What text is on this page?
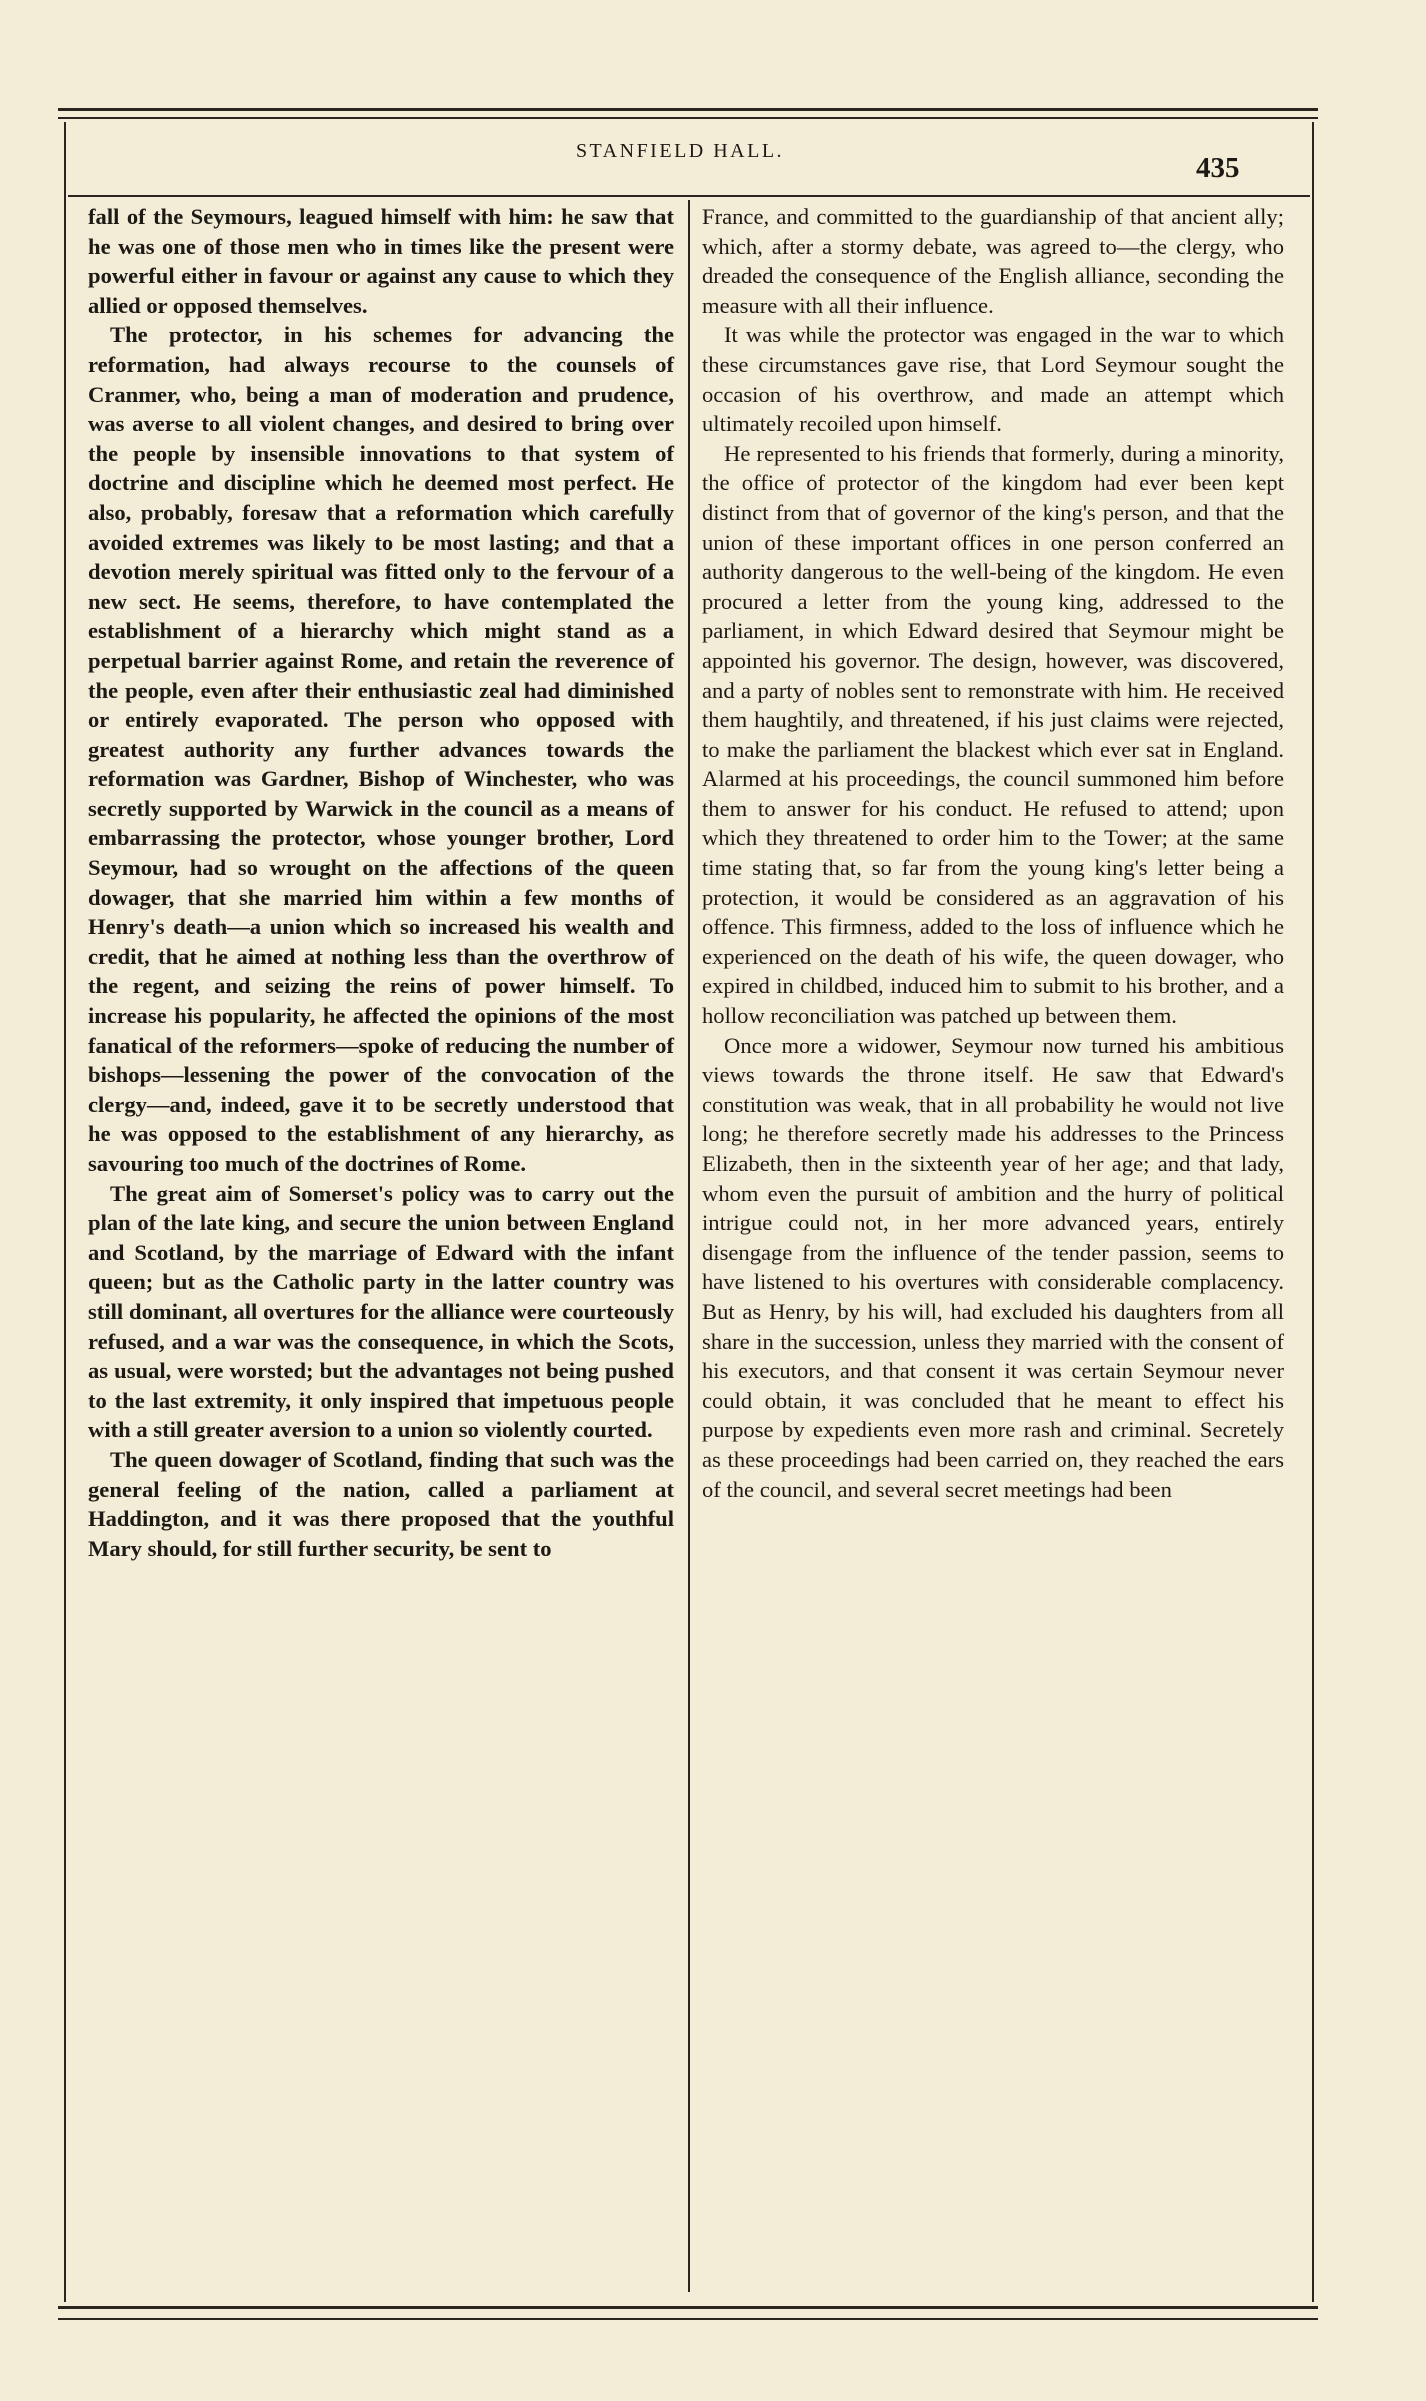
STANFIELD HALL.
435

fall of the Seymours, leagued himself with him: he saw that he was one of those men who in times like the present were powerful either in favour or against any cause to which they allied or opposed themselves.

The protector, in his schemes for advancing the reformation, had always recourse to the counsels of Cranmer, who, being a man of moderation and prudence, was averse to all violent changes, and desired to bring over the people by insensible innovations to that system of doctrine and discipline which he deemed most perfect. He also, probably, foresaw that a reformation which carefully avoided extremes was likely to be most lasting; and that a devotion merely spiritual was fitted only to the fervour of a new sect. He seems, therefore, to have contemplated the establishment of a hierarchy which might stand as a perpetual barrier against Rome, and retain the reverence of the people, even after their enthusiastic zeal had diminished or entirely evaporated. The person who opposed with greatest authority any further advances towards the reformation was Gardner, Bishop of Winchester, who was secretly supported by Warwick in the council as a means of embarrassing the protector, whose younger brother, Lord Seymour, had so wrought on the affections of the queen dowager, that she married him within a few months of Henry's death—a union which so increased his wealth and credit, that he aimed at nothing less than the overthrow of the regent, and seizing the reins of power himself. To increase his popularity, he affected the opinions of the most fanatical of the reformers—spoke of reducing the number of bishops—lessening the power of the convocation of the clergy—and, indeed, gave it to be secretly understood that he was opposed to the establishment of any hierarchy, as savouring too much of the doctrines of Rome.

The great aim of Somerset's policy was to carry out the plan of the late king, and secure the union between England and Scotland, by the marriage of Edward with the infant queen; but as the Catholic party in the latter country was still dominant, all overtures for the alliance were courteously refused, and a war was the consequence, in which the Scots, as usual, were worsted; but the advantages not being pushed to the last extremity, it only inspired that impetuous people with a still greater aversion to a union so violently courted.

The queen dowager of Scotland, finding that such was the general feeling of the nation, called a parliament at Haddington, and it was there proposed that the youthful Mary should, for still further security, be sent to

France, and committed to the guardianship of that ancient ally; which, after a stormy debate, was agreed to—the clergy, who dreaded the consequence of the English alliance, seconding the measure with all their influence.

It was while the protector was engaged in the war to which these circumstances gave rise, that Lord Seymour sought the occasion of his overthrow, and made an attempt which ultimately recoiled upon himself.

He represented to his friends that formerly, during a minority, the office of protector of the kingdom had ever been kept distinct from that of governor of the king's person, and that the union of these important offices in one person conferred an authority dangerous to the well-being of the kingdom. He even procured a letter from the young king, addressed to the parliament, in which Edward desired that Seymour might be appointed his governor. The design, however, was discovered, and a party of nobles sent to remonstrate with him. He received them haughtily, and threatened, if his just claims were rejected, to make the parliament the blackest which ever sat in England. Alarmed at his proceedings, the council summoned him before them to answer for his conduct. He refused to attend; upon which they threatened to order him to the Tower; at the same time stating that, so far from the young king's letter being a protection, it would be considered as an aggravation of his offence. This firmness, added to the loss of influence which he experienced on the death of his wife, the queen dowager, who expired in childbed, induced him to submit to his brother, and a hollow reconciliation was patched up between them.

Once more a widower, Seymour now turned his ambitious views towards the throne itself. He saw that Edward's constitution was weak, that in all probability he would not live long; he therefore secretly made his addresses to the Princess Elizabeth, then in the sixteenth year of her age; and that lady, whom even the pursuit of ambition and the hurry of political intrigue could not, in her more advanced years, entirely disengage from the influence of the tender passion, seems to have listened to his overtures with considerable complacency. But as Henry, by his will, had excluded his daughters from all share in the succession, unless they married with the consent of his executors, and that consent it was certain Seymour never could obtain, it was concluded that he meant to effect his purpose by expedients even more rash and criminal. Secretely as these proceedings had been carried on, they reached the ears of the council, and several secret meetings had been
